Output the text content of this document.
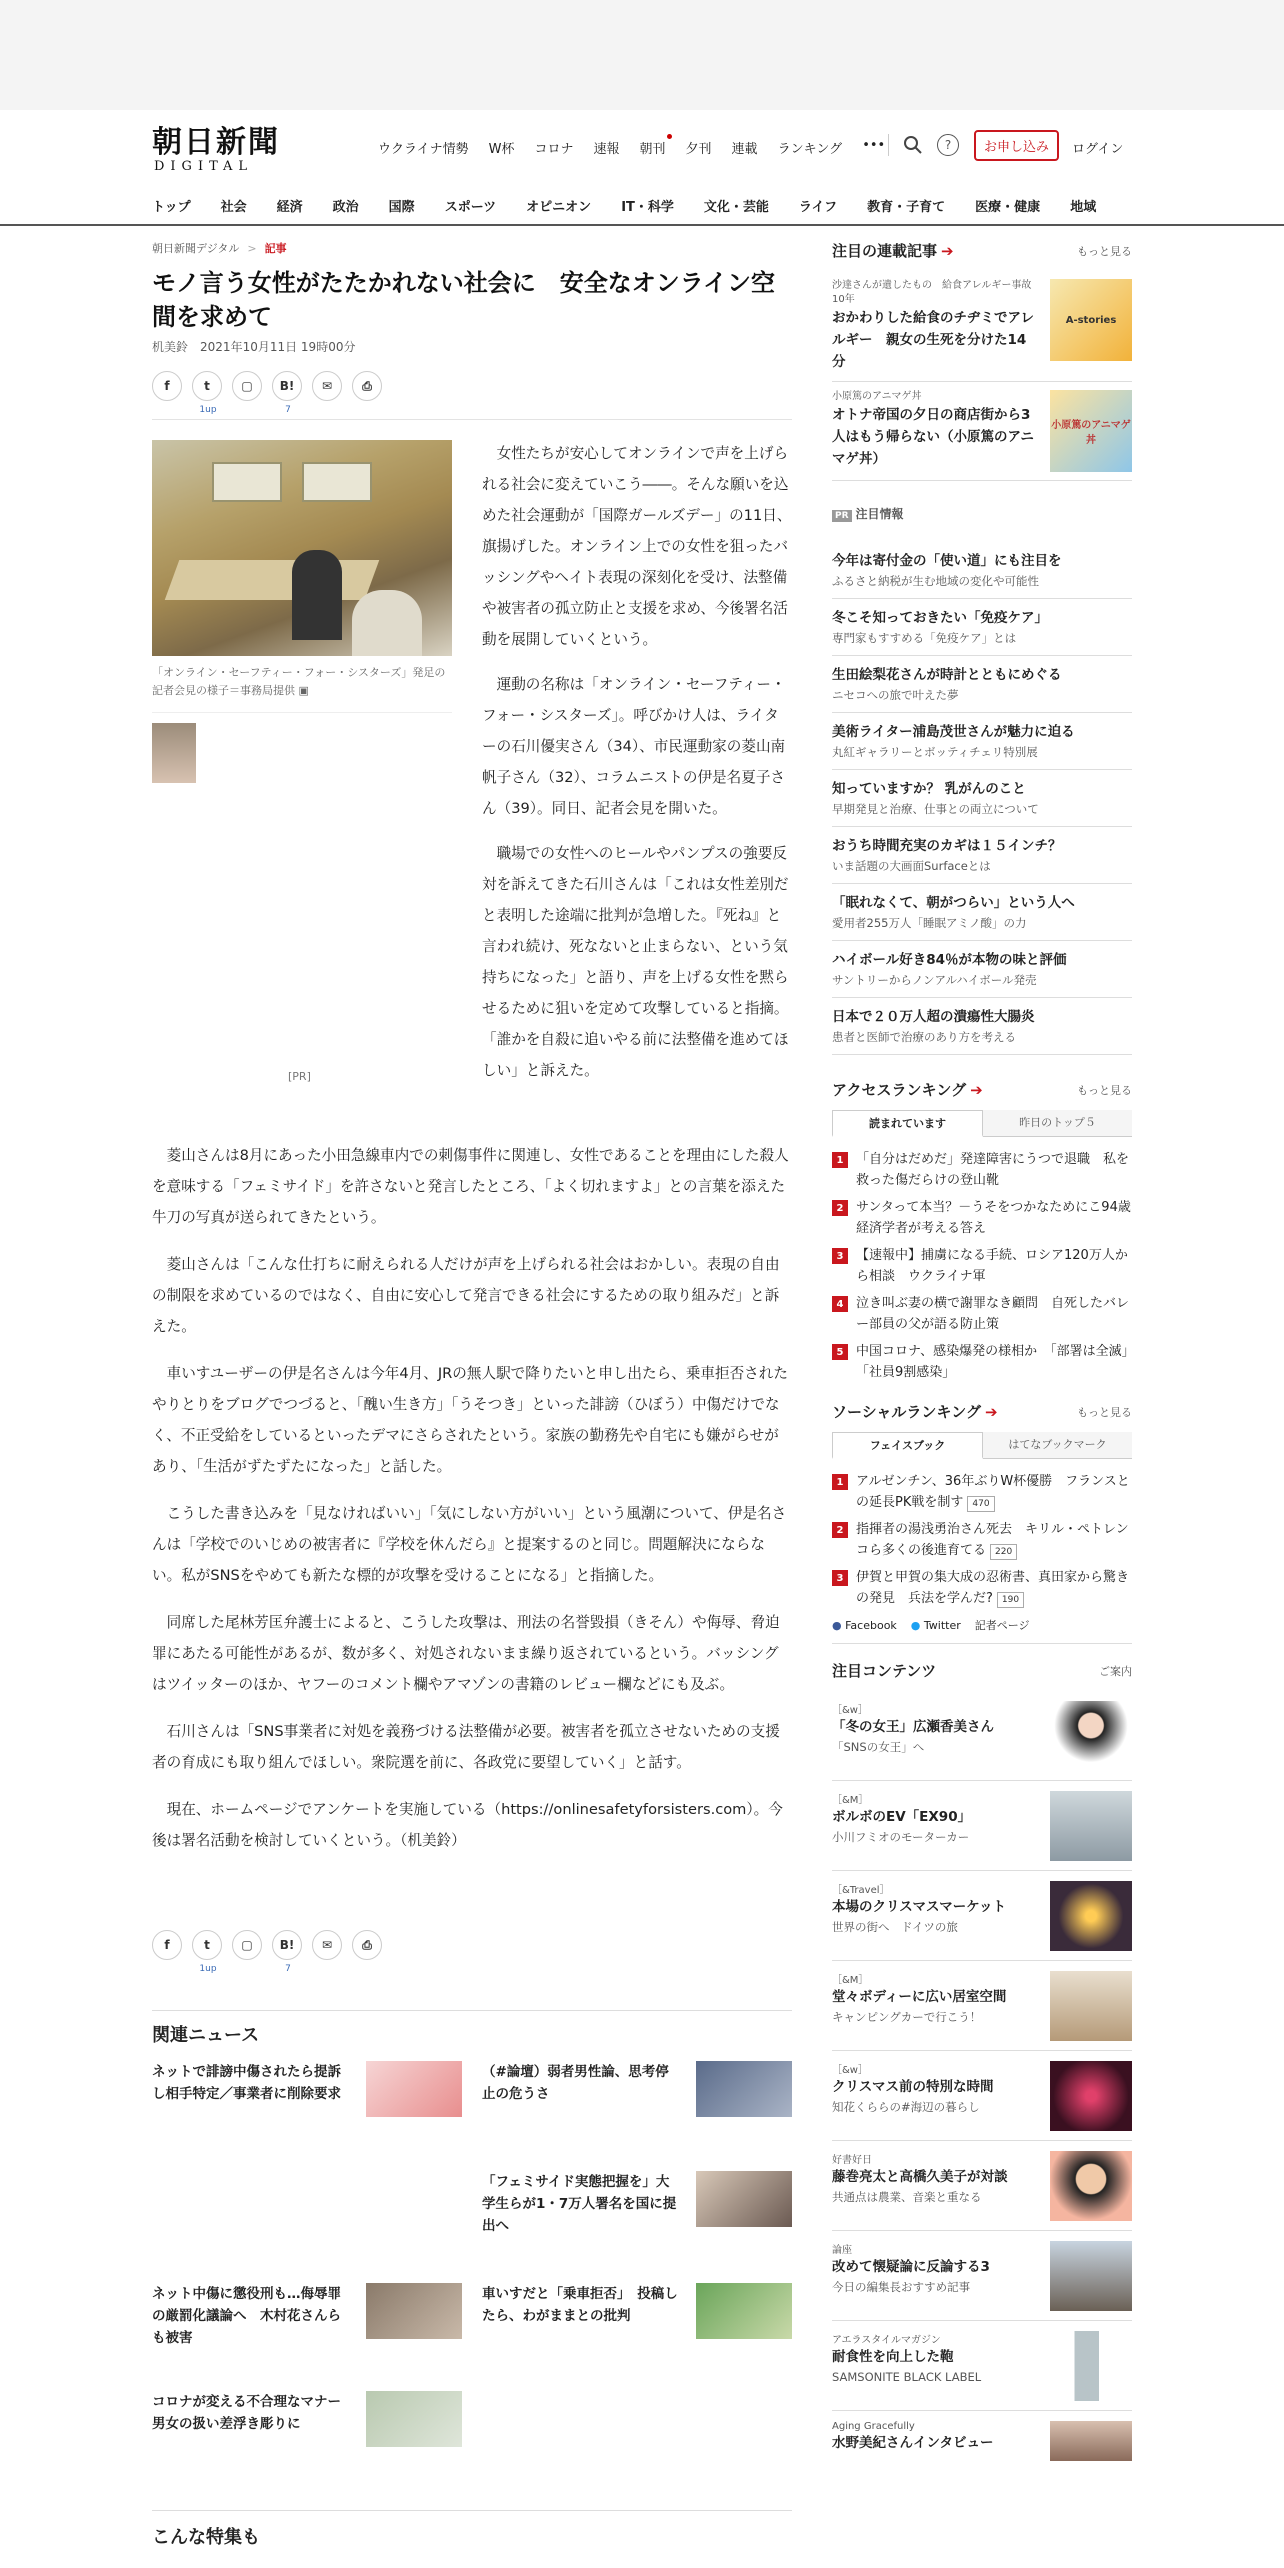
朝日新聞
DIGITAL
ウクライナ情勢 W杯 コロナ 速報 朝刊 夕刊 連載 ランキング •••	?	お申し込み	ログイン
トップ 社会 経済 政治 国際 スポーツ オピニオン IT・科学 文化・芸能 ライフ 教育・子育て 医療・健康 地域
朝日新聞デジタル > 記事
モノ言う女性がたたかれない社会に　安全なオンライン空間を求めて
机美鈴　 2021年10月11日 19時00分
f	t
1up
▢	B!
7
✉	⎙
「オンライン・セーフティー・フォー・シスターズ」発足の記者会見の様子＝事務局提供 ▣
[PR]

女性たちが安心してオンラインで声を上げられる社会に変えていこう――。そんな願いを込めた社会運動が「国際ガールズデー」の11日、旗揚げした。オンライン上での女性を狙ったバッシングやヘイト表現の深刻化を受け、法整備や被害者の孤立防止と支援を求め、今後署名活動を展開していくという。

運動の名称は「オンライン・セーフティー・フォー・シスターズ」。呼びかけ人は、ライターの石川優実さん（34）、市民運動家の菱山南帆子さん（32）、コラムニストの伊是名夏子さん（39）。同日、記者会見を開いた。

職場での女性へのヒールやパンプスの強要反対を訴えてきた石川さんは「これは女性差別だと表明した途端に批判が急増した。『死ね』と言われ続け、死なないと止まらない、という気持ちになった」と語り、声を上げる女性を黙らせるために狙いを定めて攻撃していると指摘。「誰かを自殺に追いやる前に法整備を進めてほしい」と訴えた。

菱山さんは8月にあった小田急線車内での刺傷事件に関連し、女性であることを理由にした殺人を意味する「フェミサイド」を許さないと発言したところ、「よく切れますよ」との言葉を添えた牛刀の写真が送られてきたという。

菱山さんは「こんな仕打ちに耐えられる人だけが声を上げられる社会はおかしい。表現の自由の制限を求めているのではなく、自由に安心して発言できる社会にするための取り組みだ」と訴えた。

車いすユーザーの伊是名さんは今年4月、JRの無人駅で降りたいと申し出たら、乗車拒否されたやりとりをブログでつづると、「醜い生き方」「うそつき」といった誹謗（ひぼう）中傷だけでなく、不正受給をしているといったデマにさらされたという。家族の勤務先や自宅にも嫌がらせがあり、「生活がずたずたになった」と話した。

こうした書き込みを「見なければいい」「気にしない方がいい」という風潮について、伊是名さんは「学校でのいじめの被害者に『学校を休んだら』と提案するのと同じ。問題解決にならない。私がSNSをやめても新たな標的が攻撃を受けることになる」と指摘した。

同席した尾林芳匡弁護士によると、こうした攻撃は、刑法の名誉毀損（きそん）や侮辱、脅迫罪にあたる可能性があるが、数が多く、対処されないまま繰り返されているという。バッシングはツイッターのほか、ヤフーのコメント欄やアマゾンの書籍のレビュー欄などにも及ぶ。

石川さんは「SNS事業者に対処を義務づける法整備が必要。被害者を孤立させないための支援者の育成にも取り組んでほしい。衆院選を前に、各政党に要望していく」と話す。

現在、ホームページでアンケートを実施している（https://onlinesafetyforsisters.com）。今後は署名活動を検討していくという。（机美鈴）

f	t
1up
▢	B!
7
✉	⎙
関連ニュース
ネットで誹謗中傷されたら提訴し相手特定／事業者に削除要求
（#論壇）弱者男性論、思考停止の危うさ
「フェミサイド実態把握を」大学生らが1・7万人署名を国に提出へ
ネット中傷に懲役刑も…侮辱罪の厳罰化議論へ　木村花さんらも被害
車いすだと「乗車拒否」　投稿したら、わがままとの批判
コロナが変える不合理なマナー　男女の扱い差浮き彫りに
こんな特集も
注目の連載記事 ➔	もっと見る
沙達さんが遺したもの　給食アレルギー事故10年
おかわりした給食のチヂミでアレルギー　親女の生死を分けた14分
A-stories
小原篤のアニマゲ丼
オトナ帝国の夕日の商店街から3人はもう帰らない（小原篤のアニマゲ丼）
小原篤のアニマゲ丼
PR 注目情報
今年は寄付金の「使い道」にも注目を
ふるさと納税が生む地域の変化や可能性
冬こそ知っておきたい「免疫ケア」
専門家もすすめる「免疫ケア」とは
生田絵梨花さんが時計とともにめぐる
ニセコへの旅で叶えた夢
美術ライター浦島茂世さんが魅力に迫る
丸紅ギャラリーとボッティチェリ特別展
知っていますか？ 乳がんのこと
早期発見と治療、仕事との両立について
おうち時間充実のカギは１５インチ？
いま話題の大画面Surfaceとは
「眠れなくて、朝がつらい」という人へ
愛用者255万人「睡眠アミノ酸」の力
ハイボール好き84％が本物の味と評価
サントリーからノンアルハイボール発売
日本で２０万人超の潰瘍性大腸炎
患者と医師で治療のあり方を考える
アクセスランキング ➔	もっと見る
読まれています	昨日のトップ５
1 「自分はだめだ」発達障害にうつで退職　私を救った傷だらけの登山靴
2 サンタって本当？－うそをつかなためにこ94歳経済学者が考える答え
3 【速報中】捕虜になる手続、ロシア120万人から相談　ウクライナ軍
4 泣き叫ぶ妻の横で謝罪なき顧問　自死したバレー部員の父が語る防止策
5 中国コロナ、感染爆発の様相か　「部署は全滅」「社員9割感染」
ソーシャルランキング ➔	もっと見る
フェイスブック	はてなブックマーク
1 アルゼンチン、36年ぶりW杯優勝　フランスとの延長PK戦を制す 470
2 指揮者の湯浅勇治さん死去　キリル・ペトレンコら多くの後進育てる 220
3 伊賀と甲賀の集大成の忍術書、真田家から驚きの発見　兵法を学んだ? 190
● Facebook ● Twitter 記者ページ
注目コンテンツ	ご案内
［&w］
「冬の女王」広瀬香美さん
「SNSの女王」へ
［&M］
ボルボのEV「EX90」
小川フミオのモーターカー
［&Travel］
本場のクリスマスマーケット
世界の街へ　ドイツの旅
［&M］
堂々ボディーに広い居室空間
キャンピングカーで行こう！
［&w］
クリスマス前の特別な時間
知花くららの#海辺の暮らし
好書好日
藤巻亮太と高橋久美子が対談
共通点は農業、音楽と重なる
論座
改めて懐疑論に反論する3
今日の編集長おすすめ記事
アエラスタイルマガジン
耐食性を向上した鞄
SAMSONITE BLACK LABEL
Aging Gracefully
水野美紀さんインタビュー
